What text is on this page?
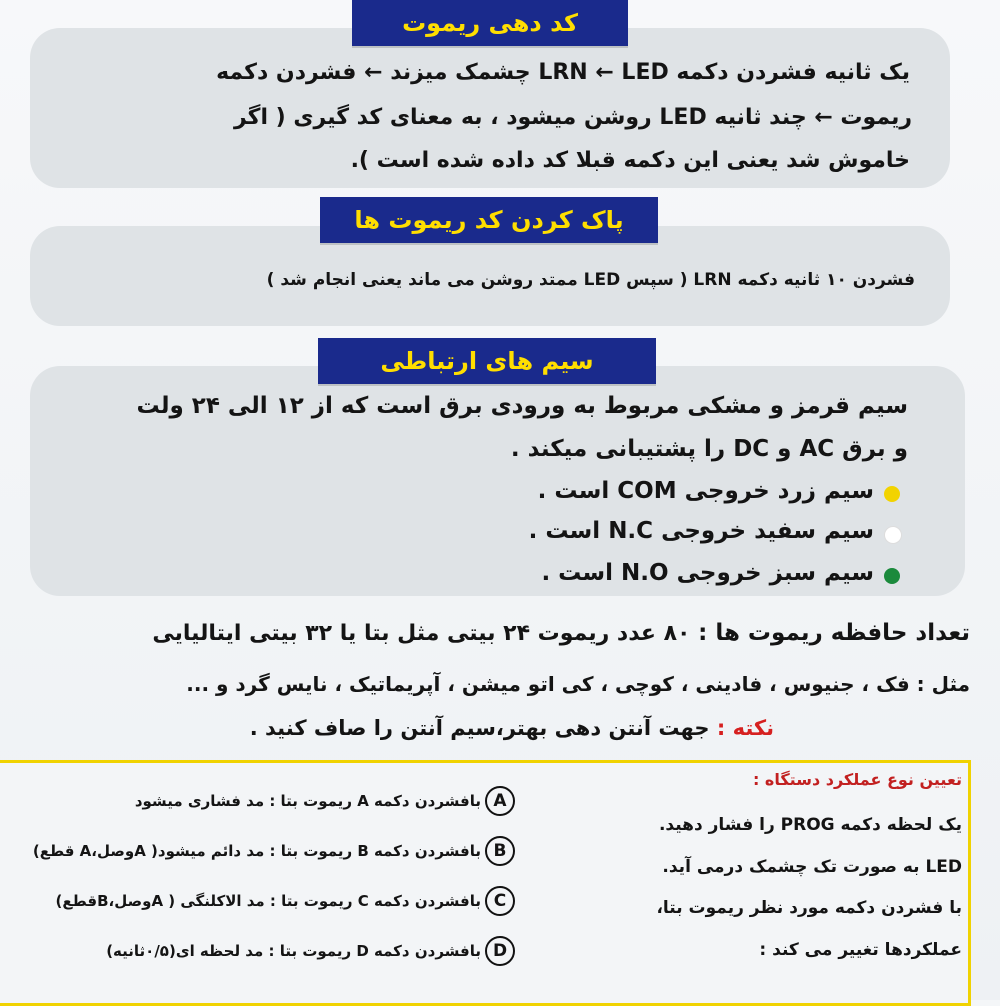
کد دهی ریموت
یک ثانیه فشردن دکمه LRN ← LED چشمک میزند ← فشردن دکمه
ریموت ← چند ثانیه LED روشن میشود ، به معنای کد گیری ( اگر
خاموش شد یعنی این دکمه قبلا کد داده شده است ).
پاک کردن کد ریموت ها
فشردن ۱۰ ثانیه دکمه LRN ( سپس LED ممتد روشن می ماند یعنی انجام شد )
سیم های ارتباطی
سیم قرمز و مشکی مربوط به ورودی برق است که از ۱۲ الی ۲۴ ولت
و برق AC و DC را پشتیبانی میکند .
سیم زرد خروجی COM است .
سیم سفید خروجی N.C است .
سیم سبز خروجی N.O است .
تعداد حافظه ریموت ها : ۸۰ عدد ریموت ۲۴ بیتی مثل بتا یا ۳۲ بیتی ایتالیایی
مثل : فک ، جنیوس ، فادینی ، کوچی ، کی اتو میشن ، آپریماتیک ، نایس گرد و ...
نکته : جهت آنتن دهی بهتر،سیم آنتن را صاف کنید .
تعیین نوع عملکرد دستگاه :
یک لحظه دکمه PROG را فشار دهید.
LED به صورت تک چشمک درمی آید.
با فشردن دکمه مورد نظر ریموت بتا،
عملکردها تغییر می کند :
Aبافشردن دکمه A ریموت بتا : مد فشاری میشود
Bبافشردن دکمه B ریموت بتا : مد دائم میشود( Aوصل،A قطع)
Cبافشردن دکمه C ریموت بتا : مد الاکلنگی ( Aوصل،Bقطع)
Dبافشردن دکمه D ریموت بتا : مد لحظه ای(۰/۵ثانیه)
